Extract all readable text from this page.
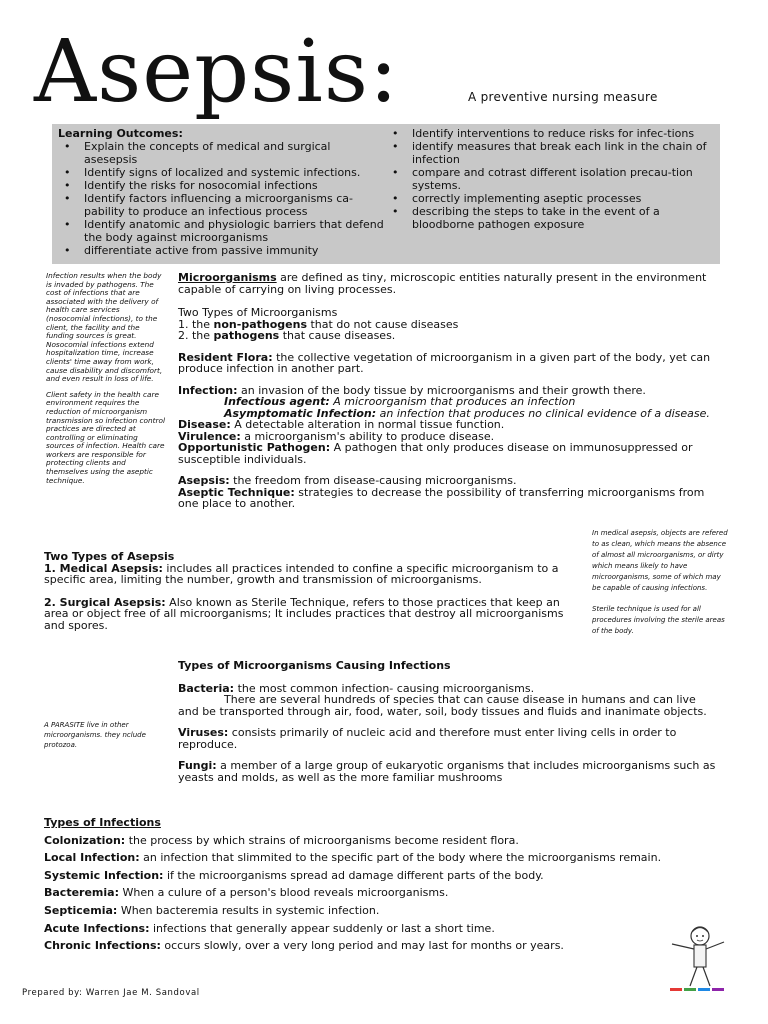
Asepsis:	A preventive nursing measure
Learning Outcomes:
• Explain the concepts of medical and surgical asesepsis
• Identify signs of localized and systemic infections.
• Identify the risks for nosocomial infections
• Identify factors influencing a microorganisms ca-pability to produce an infectious process
• Identify anatomic and physiologic barriers that defend the body against microorganisms
• differentiate active from passive immunity
• Identify interventions to reduce risks for infec-tions
• identify measures that break each link in the chain of infection
• compare and cotrast different isolation precau-tion systems.
• correctly implementing aseptic processes
• describing the steps to take in the event of a bloodborne pathogen exposure

Infection results when the body is invaded by pathogens. The cost of infections that are associated with the delivery of health care services (nosocomial infections), to the client, the facility and the funding sources is great. Nosocomial infections extend hospitalization time, increase clients' time away from work, cause disability and discomfort, and even result in loss of life.

Client safety in the health care environment requires the reduction of microorganism transmission so infection control practices are directed at controlling or eliminating sources of infection. Health care workers are responsible for protecting clients and themselves using the aseptic technique.

Microorganisms are defined as tiny, microscopic entities naturally present in the environment capable of carrying on living processes.

Two Types of Microorganisms

1. the non-pathogens that do not cause diseases

2. the pathogens that cause diseases.

Resident Flora: the collective vegetation of microorganism in a given part of the body, yet can produce infection in another part.

Infection: an invasion of the body tissue by microorganisms and their growth there.

Infectious agent: A microorganism that produces an infection

Asymptomatic Infection: an infection that produces no clinical evidence of a disease.

Disease: A detectable alteration in normal tissue function.

Virulence: a microorganism's ability to produce disease.

Opportunistic Pathogen: A pathogen that only produces disease on immunosuppressed or susceptible individuals.

Asepsis: the freedom from disease-causing microorganisms.

Aseptic Technique: strategies to decrease the possibility of transferring microorganisms from one place to another.

In medical asepsis, objects are refered to as clean, which means the absence of almost all microorganisms, or dirty which means likely to have microorganisms, some of which may be capable of causing infections.

Sterile technique is used for all procedures involving the sterile areas of the body.

Two Types of Asepsis

1. Medical Asepsis: includes all practices intended to confine a specific microorganism to a specific area, limiting the number, growth and transmission of microorganisms.

2. Surgical Asepsis: Also known as Sterile Technique, refers to those practices that keep an area or object free of all microorganisms; It includes practices that destroy all microorganisms and spores.

A PARASITE live in other microorganisms. they nclude protozoa.

Types of Microorganisms Causing Infections

Bacteria: the most common infection- causing microorganisms.

There are several hundreds of species that can cause disease in humans and can live and be transported through air, food, water, soil, body tissues and fluids and inanimate objects.

Viruses: consists primarily of nucleic acid and therefore must enter living cells in order to reproduce.

Fungi: a member of a large group of eukaryotic organisms that includes microorganisms such as yeasts and molds, as well as the more familiar mushrooms

Types of Infections

Colonization: the process by which strains of microorganisms become resident flora.

Local Infection: an infection that slimmited to the specific part of the body where the microorganisms remain.

Systemic Infection: if the microorganisms spread ad damage different parts of the body.

Bacteremia: When a culure of a person's blood reveals microorganisms.

Septicemia: When bacteremia results in systemic infection.

Acute Infections: infections that generally appear suddenly or last a short time.

Chronic Infections: occurs slowly, over a very long period and may last for months or years.

Prepared by: Warren Jae M. Sandoval
